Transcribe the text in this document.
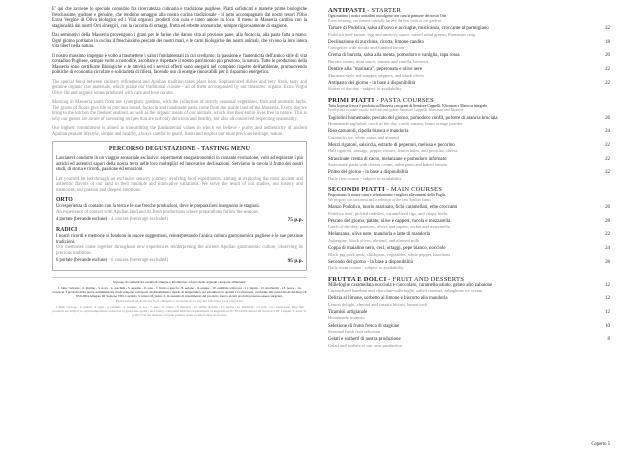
E' qui che avviene lo speciale connubio fra ricercatezza culinaria e tradizione pugliese. Piatti sofisticati e materie prime biologiche freschissime, gustose e genuine, che rendono omaggio alla nostra cucina tradizionale - il tutto accompagnato dai nostri tesori l'Olio Extra Vergine di Oliva biologico ed i Vini organici prodotti con cura e tanto amore in loco. Il menu in Masseria cambia con la stagionalità dai nostri Orti sinergici, con la raccolta di ortaggi, frutta ed erbette aromatiche, sempre rigorosamente di stagione.

Dai seminativi della Masseria provengono i grani per le farine che danno vita al prezioso pane, alla focaccia, alla pasta fatta a mano. Ogni giorno portiamo in cucina il freschissimo pescato dei nostri mari, e le carni biologiche dei nostri animali, che vivono la loro intera vita liberi nella natura.

Il nostro massimo impegno è volto a trasmettere i valori fondamentali in cui crediamo: la passione e l'autenticità dell'antico stile di vita contadino Pugliese, sempre volto a custodire, ascoltare e rispettare il nostro patrimonio più prezioso, la natura. Tutte le produzioni della Masseria sono certificate Biologiche e le attività ed i servizi offerti sono eseguiti nel completo rispetto dell'ambiente, promuovendo politiche di economia circolare e solidarietà di filiera, facendo uso di energie rinnovabili per il risparmio energetico.

The special bond between culinary refinement and Apulian tradition takes place here. Sophisticated dishes and very fresh, tasty and genuine organic raw materials, which praise our traditional cuisine - all of them accompanied by our treasures: organic Extra Virgin Olive Oil and organic wines produced with care and love on site.

Morning in Masseria starts from our synergistic gardens, with the collection of strictly seasonal vegetables, fruit and aromatic herbs. The grains of flours give life to precious bread, focaccia and handmade pasta come from the arable land of the Masseria. Every day we bring to the kitchen the freshest seafood, as well as the organic meats of our animals, which live their entire lives free in nature. This is why our guests are aware of savouring recipes that are not only delicious and healthy, but also all conceived respecting seasonality.

Our highest commitment is aimed at transmitting the fundamental values in which we believe - purity and authenticity of ancient Apulian peasant lifestyle, simple and healthy, always careful to guard, listen and respect our most precious heritage, nature.

PERCORSO DEGUSTAZIONE - TASTING MENU

Lasciatevi condurre in un viaggio sensoriale esclusivo: esperimenti enogastronomici in costante evoluzione, volti ad esplorare i più antichi ed autentici sapori della nostra terra nelle loro molteplici ed innovative declinazioni. Serviamo in tavola il frutto dei nostri studi, di storia e ricordi, passione ed emozioni.

Let yourself be led through an exclusive sensory journey: evolving food experiments, aiming at exploring the most ancient and authentic flavors of our land in their multiple and innovative variations. We serve the result of our studies, our history and memories, our passion and deepest emotions.

ORTO

Un'esperienza di contatto con la terra e le sue fresche produzioni, dove le preparazioni inseguono le stagioni.

An experience of contact with Apulian land and its fresh productions where preparations follow the seasons.

4 portate (bevande escluse) - 4 courses (beverage excluded)	75 p.p.
RADICI

I nostri ricordi e memorie si fondono in nuove suggestioni, reinterpretando l'antica cultura gastronomica pugliese e le sue preziose tradizioni.

Our memories come together throughout new experiences reinterpreting the ancient Apulian gastronomic culture, observing its precious traditions.

6 portate (bevande escluse) - 6 courses (beverage excluded)	95 p.p.

Si prega di comunicare eventuali allergie e intolleranze ad uno dello seguenti categorie alimentari:

1. latte / lattosio - 2. glutine - 3. uova - 4. arachidi - 5. sesamo - 6. soia - 7. frutta a guscio - 8. sedano - 9. senape - 10. anidride solforosa - 11. lupini - 12. molluschi - 13. pesce - 14. crostacei. I prodotti della pesca somministrati crudi vengono sottoposti ad abbattimento rapido di temperatura per garantirne la qualità e la sicurezza, conforme alle prescrizioni del Reg CE 853/2004 Allegato III Sezione VIII, Capitolo 3, lettera D, punto 3. In assenza di reperimento del prodotto fresco alcuni prodotti possono essere surgelati.

Please inform us about any food allergies or intolerances to any the following food categories:

1. milk / lactose - 2. gluten - 3. eggs - 4. peanuts - 5. sesame - 6. soy - 7. nuts - 8. celery - 9. mustard - 10. sulfur dioxide - 11. lupins - 12. shellfish - 13. fish - 14. crustaceans. Raw fish products are subject to rapid temperature reduction to guarantee quality and safety, compliant with the requirements of Regulation EC 853/2004 Annex III Section VIII, Chapter 3, letter D, point 3. In the absence of fresh product some products may be frozen.

ANTIPASTI - STARTER

Ogni mattino i nostri contadini raccolgono con cura le primizie dei nostri Orti

Every morning, our farmers carefully harvest the first fruits of our gardens

Tartare di Podolica, salsa all'uovo e acciughe, misticanza, croccante al parmigiano	22
Podolica beef tartare, egg and anchovy sauce, mixed salad greens, Parmesan crisp
Declinazione di zucchina, ricotta, limone candito	18
Courgettes with ricotta and candied lemon
Crema di burrata, salsa alla menta, pomodoro e vaniglia, rapa rossa	20
Burrata cream, mint sauce, tomato and vanilla, beetroot
Dentice alla "marinara", peperonata e olive nere	22
Marinara-style red snapper, peppers, and black olives
Antipasto del giorno - in base a disponibilità	22
Starter of the day - subject to availability
PRIMI PIATTI - PASTA COURSES

Tutta la pasta fresca è prodotta in Masseria con grani di Senatore Cappelli, Khorasan e Maiorca integrale

Fresh pasta is made on site with ancient grains Senatore Cappelli, Khorasan and Maiorca

Tagliolini homemade, pescato del giorno, pomodoro confit, polvere di arancia bruciata	26
Homemade tagliolini, catch of the day, confit tomato, burnt orange powder
Riso carnaroli, cipolla bianca e mandorla	24
Carnaroli rice, white onion and almond
Mezzi rigatoni, salsiccia, estratto di peperoni, melissa e pecorino	22
Half rigatoni, sausage, pepper extract, lemon balm, and pecorino cheese
Strascinate crema di cacio, melanzane e pomodoro infornato	22
Strascinate pasta with cheese cream, aubergines and baked tomato
Primo del giorno - in base a disponibilità	22
Daily first course - subject to availability
SECONDI PIATTI - MAIN COURSES

Proponiamo le nostre carni e selezioniamo i migliori allevamenti della Puglia

We propose our own meat and a selection of the best Apulian farms

Manzo Podolico, tuorlo marinato, fichi caramellati, erbe croccanti	26
Podolica beef, pickled radishes, caramelized figs, and crispy herbs
Pescato del giorno, patate, olive e capperi, rucola e mozzarella	28
Catch of the day, potatoes, olives and capers, rocket and mozzarella
Melanzana, olive nere, mandorla e latte di mandorla	22
Aubergine, black olives, almond, and almond milk
Coppa di maialino nero, ceci, ortaggi, pepe bianco, nocciole	24
Black pig pork neck, chickpeas, vegetables, white pepper, hazelnuts
Secondo del giorno - in base a disponibilità	28
Daily main course - subject to availability
FRUTTA E DOLCI - FRUIT AND DESSERTS
Millefoglie caramellata nocciola e cioccolato, caramello salato, gelato allo zabaione	12
Caramelized hazelnut and chocolate millefoglie, salted caramel, zabaglione ice cream
Delizia al limone, sorbetto al limone e biscotto alla mandorla	12
Lemon delight, almond and cassata biscuit, lemon sorb
Tiramisù artigianale	12
Homemade tiramisu
Selezione di frutta fresca di stagione	10
Seasonal fresh fruit selection
Gelati e sorbetti di nostra produzione	8
Gelati and sorbets of our own production
Coperto 5
